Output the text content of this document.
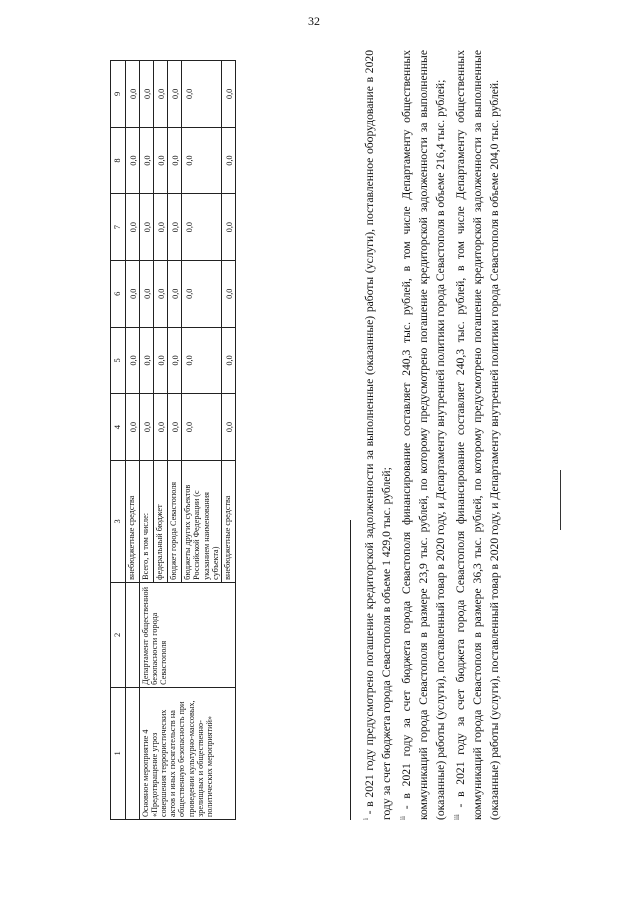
32
1	2	3	4	5	6	7	8	9
		внебюджетные средства	0,0	0,0	0,0	0,0	0,0	0,0
Основное мероприятие 4 «Предотвращение угроз совершения террористических актов и иных посягательств на общественную безопасность при проведении культурно-массовых, зрелищных и общественно-политических мероприятий»	Департамент общественной безопасности города Севастополя	Всего, в том числе:	0,0	0,0	0,0	0,0	0,0	0,0
		федеральный бюджет	0,0	0,0	0,0	0,0	0,0	0,0
		бюджет города Севастополя	0,0	0,0	0,0	0,0	0,0	0,0
		бюджеты других субъектов Российской Федерации (с указанием наименования субъекта)	0,0	0,0	0,0	0,0	0,0	0,0
		внебюджетные средства	0,0	0,0	0,0	0,0	0,0	0,0

$^i$ - в 2021 году предусмотрено погашение кредиторской задолженности за выполненные (оказанные) работы (услуги), поставленное оборудование в 2020 году за счет бюджета города Севастополя в объеме 1 429,0 тыс. рублей; $^{ii}$ - в 2021 году за счет бюджета города Севастополя финансирование составляет 240,3 тыс. рублей, в том числе Департаменту общественных коммуникаций города Севастополя в размере 23,9 тыс. рублей, по которому предусмотрено погашение кредиторской задолженности за выполненные (оказанные) работы (услуги), поставленный товар в 2020 году, и Департаменту внутренней политики города Севастополя в объеме 216,4 тыс. рублей; $^{iii}$ - в 2021 году за счет бюджета города Севастополя финансирование составляет 240,3 тыс. рублей, в том числе Департаменту общественных коммуникаций города Севастополя в размере 36,3 тыс. рублей, по которому предусмотрено погашение кредиторской задолженности за выполненные (оказанные) работы (услуги), поставленный товар в 2020 году, и Департаменту внутренней политики города Севастополя в объеме 204,0 тыс. рублей.
